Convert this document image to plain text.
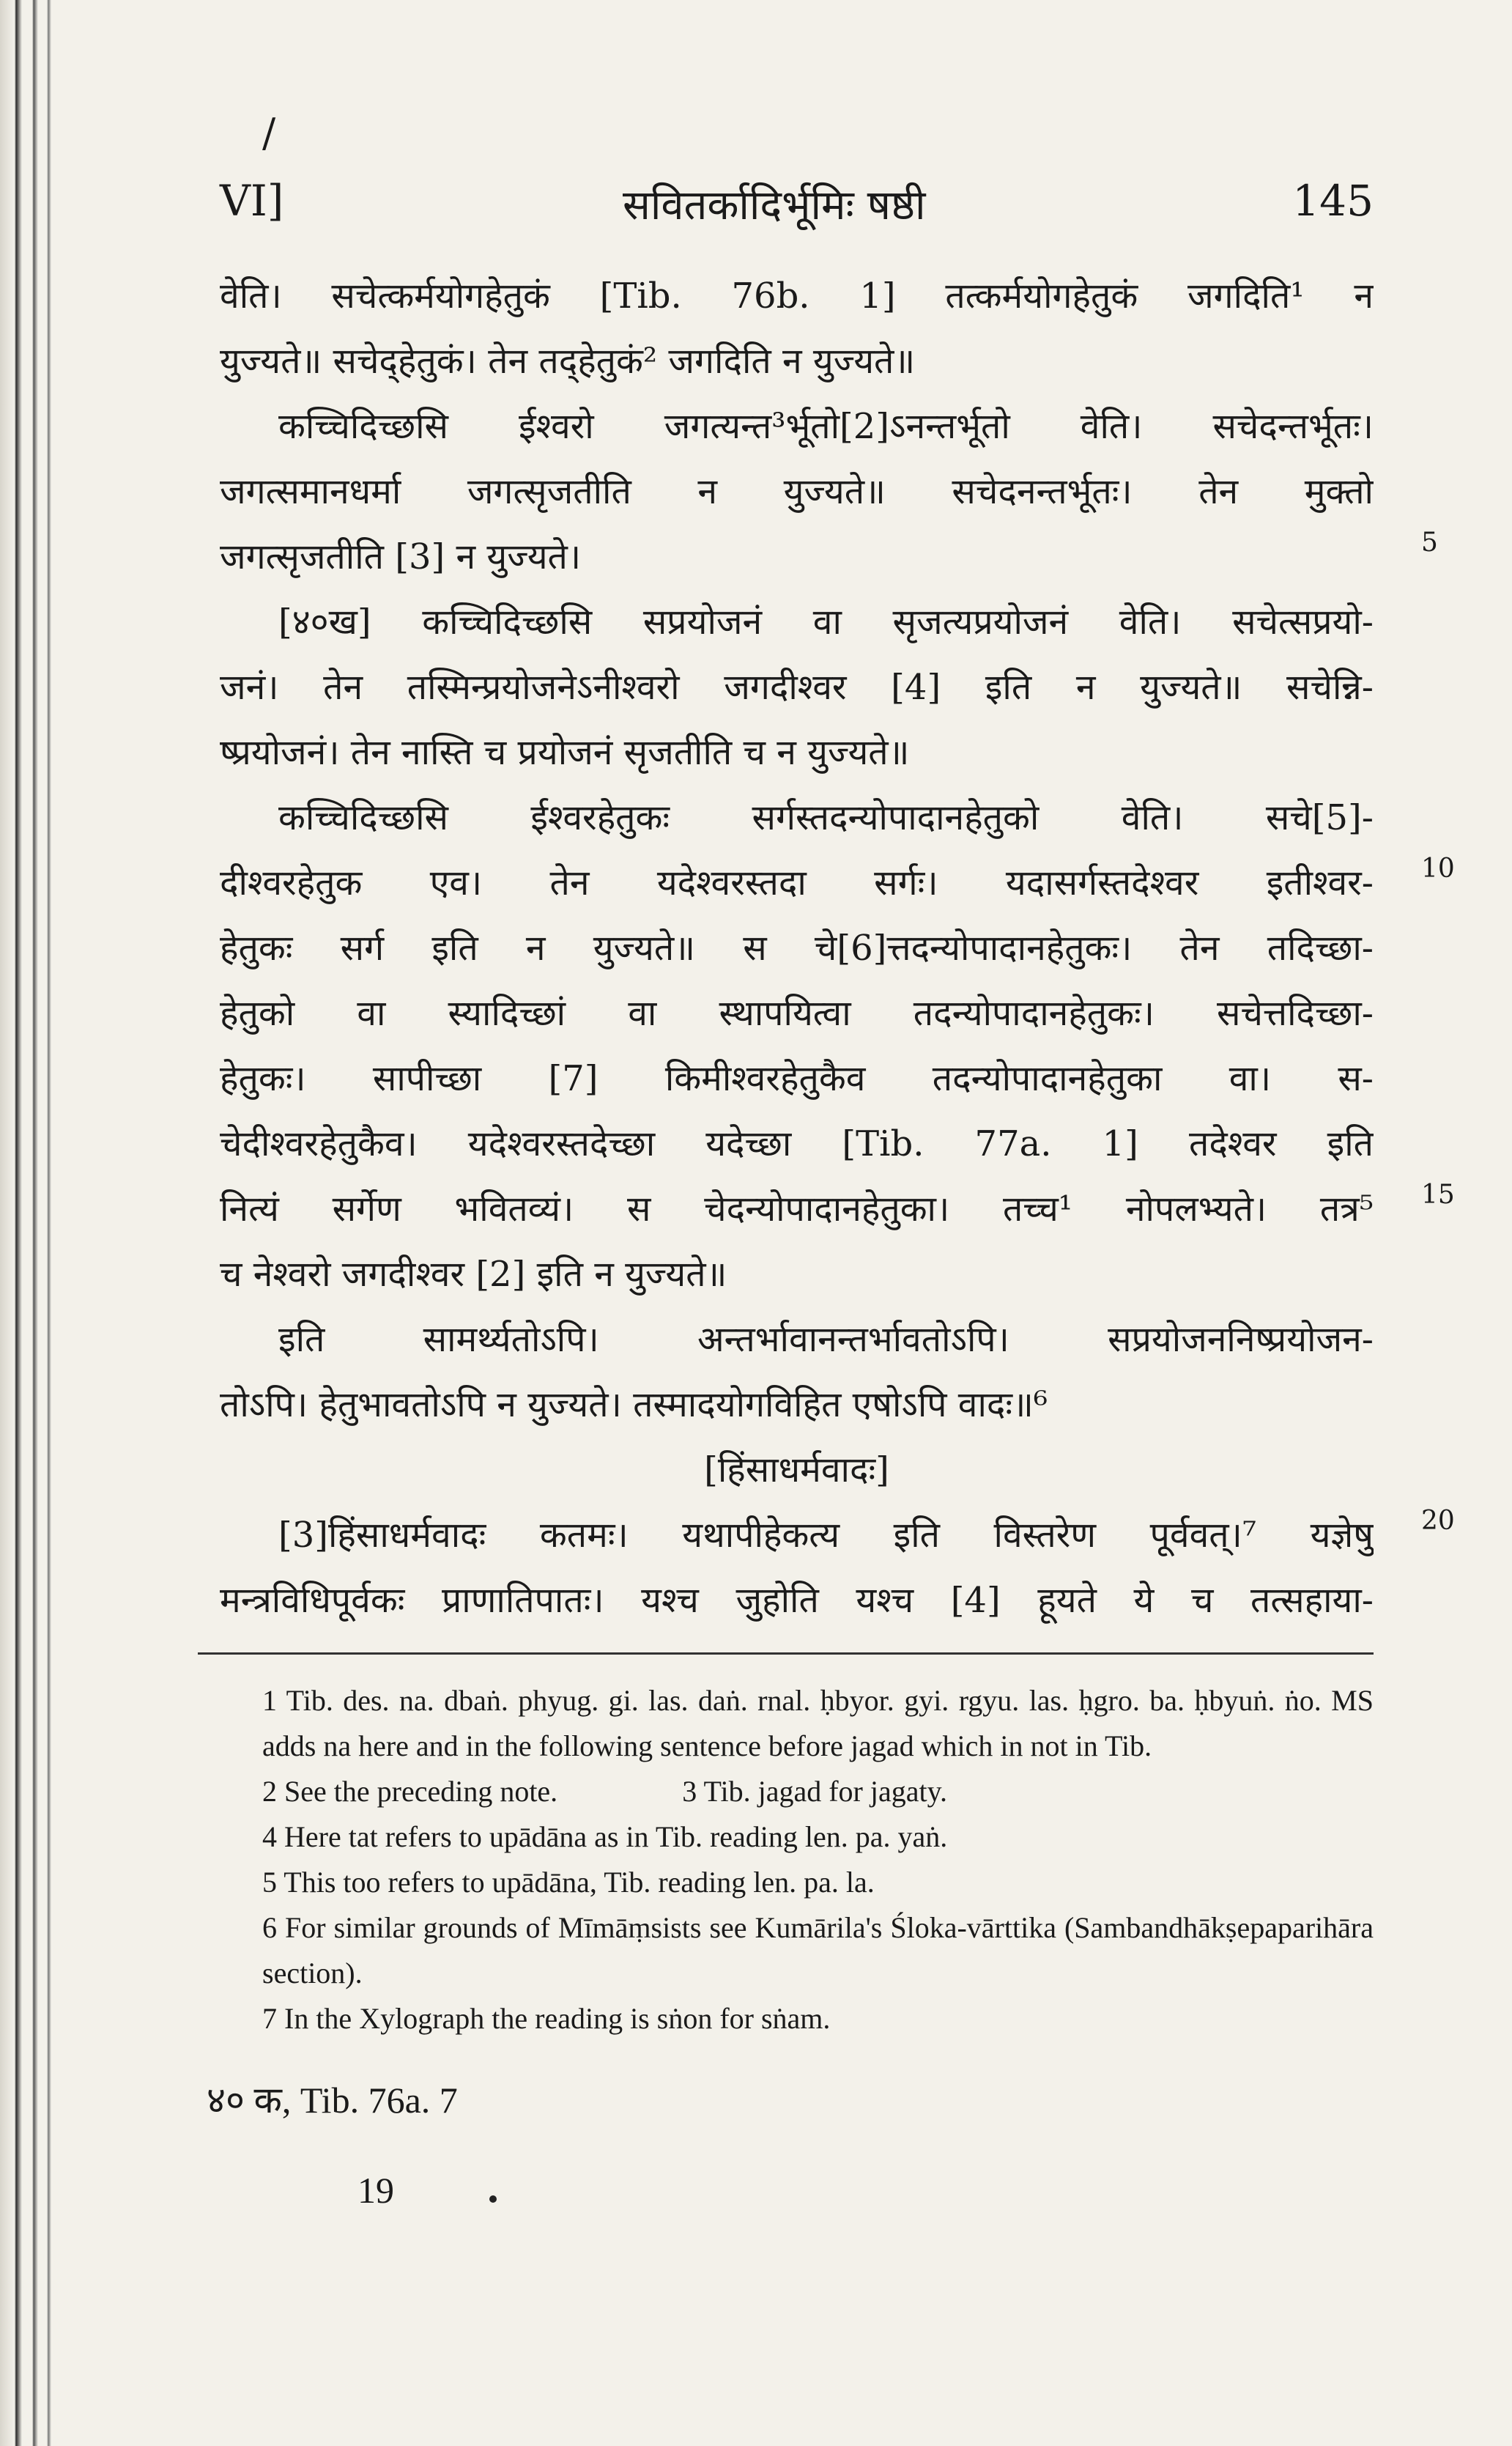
/
VI]	सवितर्कादिर्भूमिः षष्ठी	145
वेति। सचेत्कर्मयोगहेतुकं [Tib. 76b. 1] तत्कर्मयोगहेतुकं जगदिति¹ न
युज्यते॥ सचेद्हेतुकं। तेन तद्हेतुकं² जगदिति न युज्यते॥
कच्चिदिच्छसि ईश्वरो जगत्यन्त³र्भूतो[2]ऽनन्तर्भूतो वेति। सचेदन्तर्भूतः।
जगत्समानधर्मा जगत्सृजतीति न युज्यते॥ सचेदनन्तर्भूतः। तेन मुक्तो
जगत्सृजतीति [3] न युज्यते।
[४०ख] कच्चिदिच्छसि सप्रयोजनं वा सृजत्यप्रयोजनं वेति। सचेत्सप्रयो-
जनं। तेन तस्मिन्प्रयोजनेऽनीश्वरो जगदीश्वर [4] इति न युज्यते॥ सचेन्नि-
ष्प्रयोजनं। तेन नास्ति च प्रयोजनं सृजतीति च न युज्यते॥
कच्चिदिच्छसि ईश्वरहेतुकः सर्गस्तदन्योपादानहेतुको वेति। सचे[5]-
दीश्वरहेतुक एव। तेन यदेश्वरस्तदा सर्गः। यदासर्गस्तदेश्वर इतीश्वर-
हेतुकः सर्ग इति न युज्यते॥ स चे[6]त्तदन्योपादानहेतुकः। तेन तदिच्छा-
हेतुको वा स्यादिच्छां वा स्थापयित्वा तदन्योपादानहेतुकः। सचेत्तदिच्छा-
हेतुकः। सापीच्छा [7] किमीश्वरहेतुकैव तदन्योपादानहेतुका वा। स-
चेदीश्वरहेतुकैव। यदेश्वरस्तदेच्छा यदेच्छा [Tib. 77a. 1] तदेश्वर इति
नित्यं सर्गेण भवितव्यं। स चेदन्योपादानहेतुका। तच्च¹ नोपलभ्यते। तत्र⁵
च नेश्वरो जगदीश्वर [2] इति न युज्यते॥
इति सामर्थ्यतोऽपि। अन्तर्भावानन्तर्भावतोऽपि। सप्रयोजननिष्प्रयोजन-
तोऽपि। हेतुभावतोऽपि न युज्यते। तस्मादयोगविहित एषोऽपि वादः॥⁶
[हिंसाधर्मवादः]
[3]हिंसाधर्मवादः कतमः। यथापीहेकत्य इति विस्तरेण पूर्ववत्।⁷ यज्ञेषु
मन्त्रविधिपूर्वकः प्राणातिपातः। यश्च जुहोति यश्च [4] हूयते ये च तत्सहाया-
5
10
15
20
1 Tib. des. na. dbaṅ. phyug. gi. las. daṅ. rnal. ḥbyor. gyi. rgyu. las. ḥgro. ba. ḥbyuṅ. ṅo. MS adds na here and in the following sentence before jagad which in not in Tib.
2 See the preceding note.	3 Tib. jagad for jagaty.
4 Here tat refers to upādāna as in Tib. reading len. pa. yaṅ.
5 This too refers to upādāna, Tib. reading len. pa. la.
6 For similar grounds of Mīmāṃsists see Kumārila's Śloka-vārttika (Sambandhākṣepaparihāra section).
7 In the Xylograph the reading is sṅon for sṅam.
४० क, Tib. 76a. 7
19
